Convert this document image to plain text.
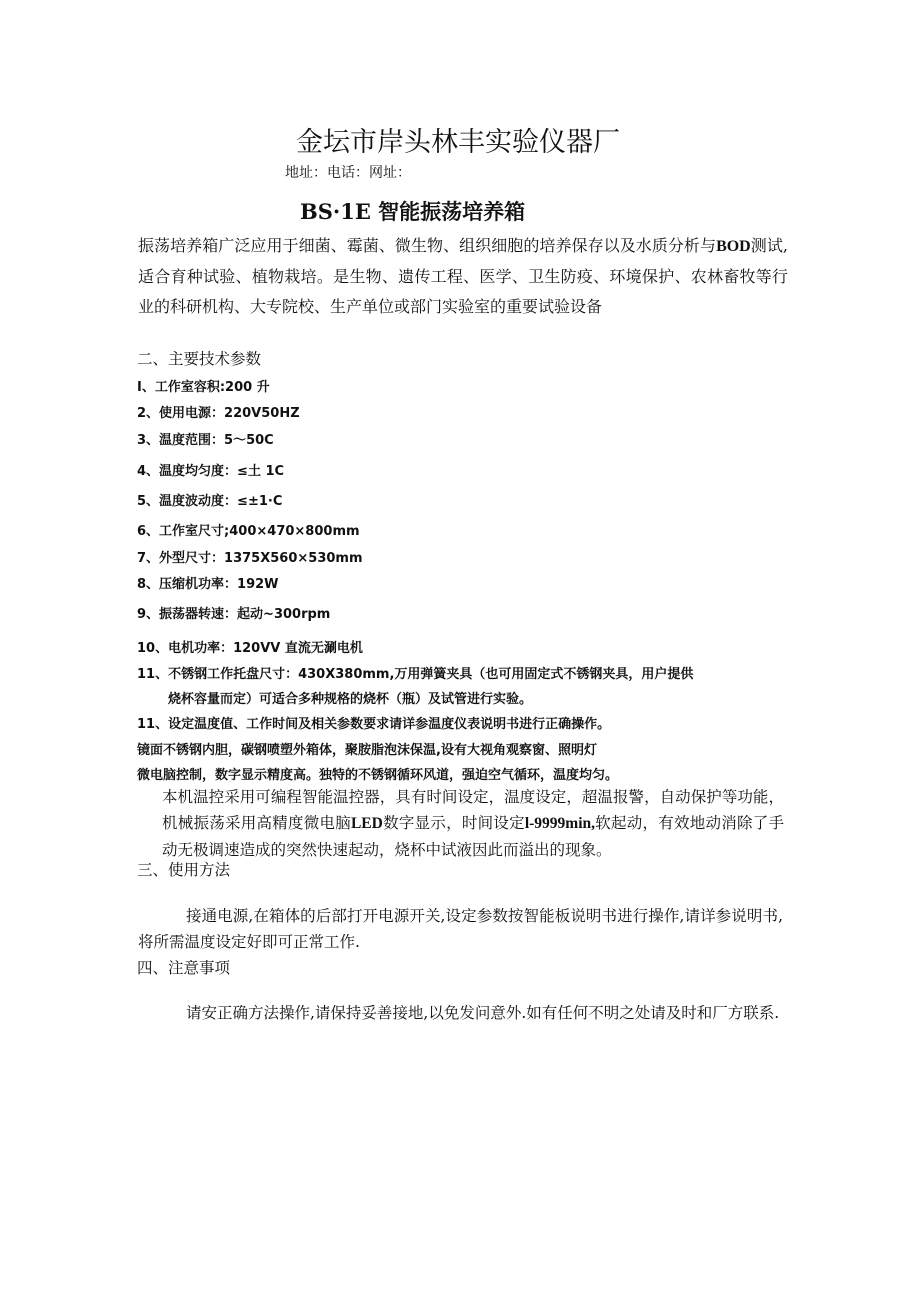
金坛市岸头林丰实验仪器厂
地址：电话：网址：
BS·1E 智能振荡培养箱

振荡培养箱广泛应用于细菌、霉菌、微生物、组织细胞的培养保存以及水质分析与BOD测试,适合育种试验、植物栽培。是生物、遗传工程、医学、卫生防疫、环境保护、农林畜牧等行业的科研机构、大专院校、生产单位或部门实验室的重要试验设备

二、主要技术参数
I、工作室容积:200 升
2、使用电源：220V50HZ
3、温度范围：5～50C
4、温度均匀度：≤土 1C
5、温度波动度：≤±1·C
6、工作室尺寸;400×470×800mm
7、外型尺寸：1375X560×530mm
8、压缩机功率：192W
9、振荡器转速：起动~300rpm
10、电机功率：120VV 直流无涮电机
11、不锈钢工作托盘尺寸：430X380mm,万用弹簧夹具（也可用固定式不锈钢夹具，用户提供
烧杯容量而定）可适合多种规格的烧杯（瓶）及试管进行实验。
11、设定温度值、工作时间及相关参数要求请详参温度仪表说明书进行正确操作。
镜面不锈钢内胆，碳钢喷塑外箱体，聚胺脂泡沫保温,设有大视角观察窗、照明灯
微电脑控制，数字显示精度高。独特的不锈钢循环风道，强迫空气循环，温度均匀。

本机温控采用可编程智能温控器，具有时间设定，温度设定，超温报警，自动保护等功能，机械振荡采用高精度微电脑LED数字显示，时间设定l-9999min,软起动，有效地动消除了手动无极调速造成的突然快速起动，烧杯中试液因此而溢出的现象。

三、使用方法

接通电源,在箱体的后部打开电源开关,设定参数按智能板说明书进行操作,请详参说明书,将所需温度设定好即可正常工作.

四、注意事项

请安正确方法操作,请保持妥善接地,以免发问意外.如有任何不明之处请及时和厂方联系.
